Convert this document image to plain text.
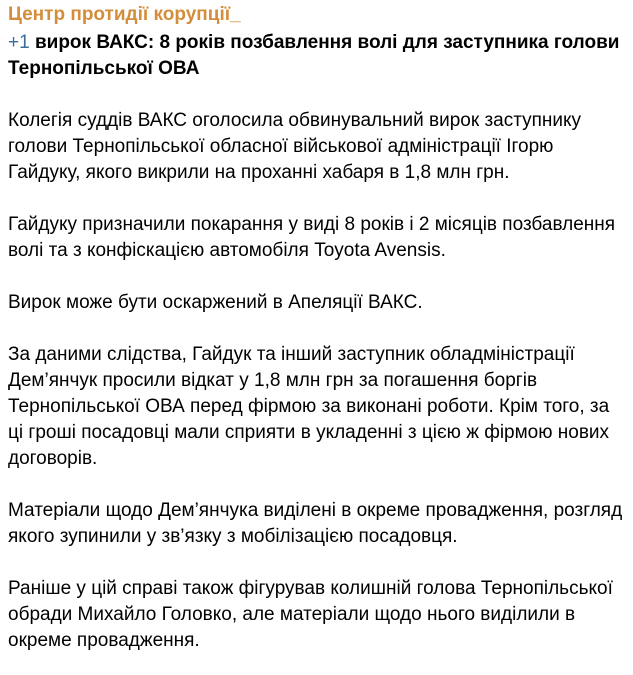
Центр протидії корупції_
+1 вирок ВАКС: 8 років позбавлення волі для заступника голови Тернопільської ОВА
Колегія суддів ВАКС оголосила обвинувальний вирок заступнику голови Тернопільської обласної військової адміністрації Ігорю Гайдуку, якого викрили на проханні хабаря в 1,8 млн грн.
Гайдуку призначили покарання у виді 8 років і 2 місяців позбавлення волі та з конфіскацією автомобіля Toyota Avensis.
Вирок може бути оскаржений в Апеляції ВАКС.
За даними слідства, Гайдук та інший заступник обладміністрації Дем’янчук просили відкат у 1,8 млн грн за погашення боргів Тернопільської ОВА перед фірмою за виконані роботи. Крім того, за ці гроші посадовці мали сприяти в укладенні з цією ж фірмою нових договорів.
Матеріали щодо Дем’янчука виділені в окреме провадження, розгляд якого зупинили у зв’язку з мобілізацією посадовця.
Раніше у цій справі також фігурував колишній голова Тернопільської обради Михайло Головко, але матеріали щодо нього виділили в окреме провадження.
